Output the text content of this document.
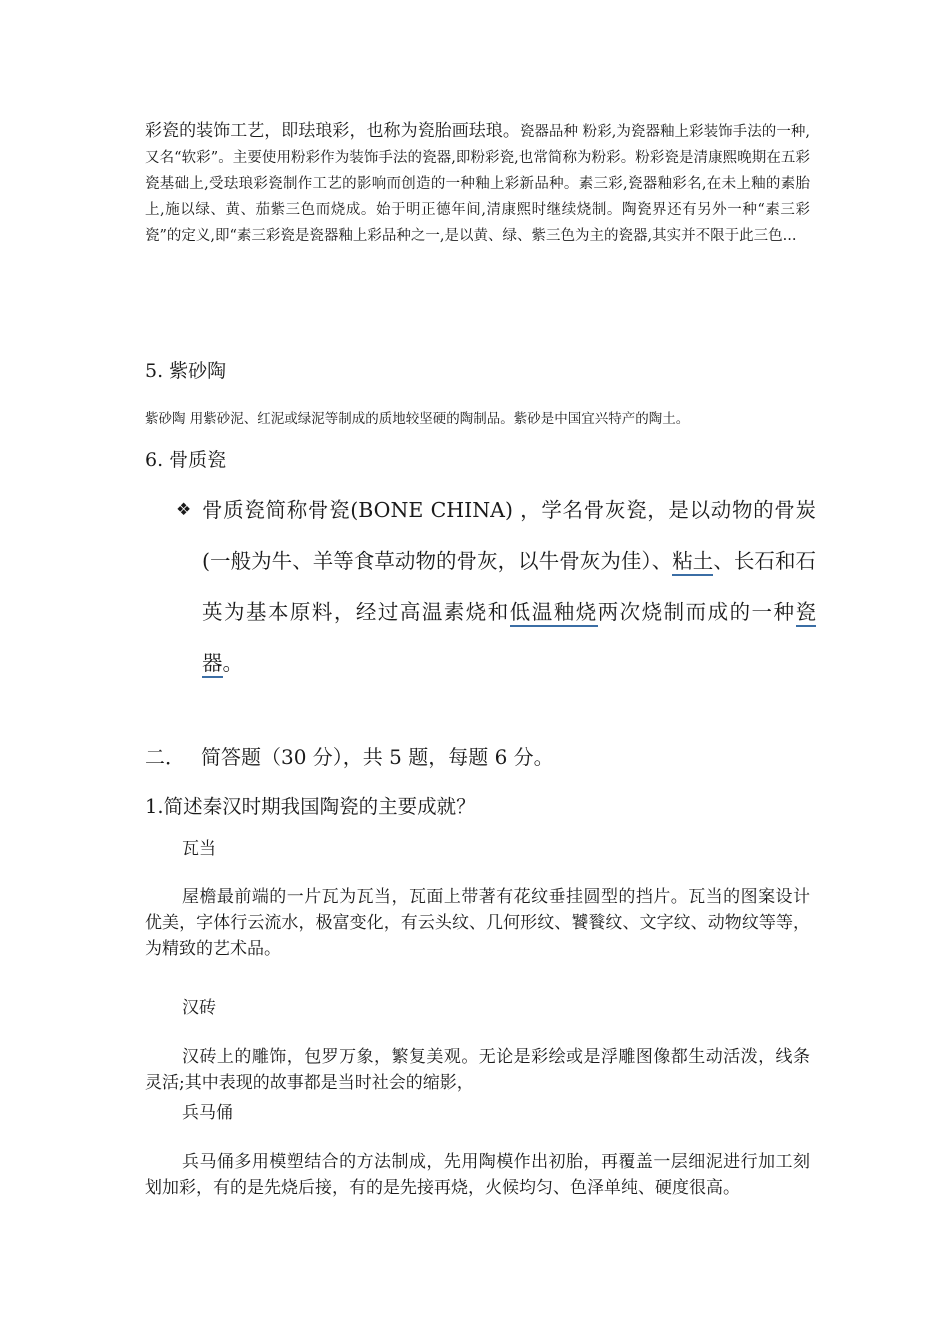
彩瓷的装饰工艺，即珐琅彩，也称为瓷胎画珐琅。瓷器品种 粉彩,为瓷器釉上彩装饰手法的一种,又名“软彩”。主要使用粉彩作为装饰手法的瓷器,即粉彩瓷,也常简称为粉彩。粉彩瓷是清康熙晚期在五彩瓷基础上,受珐琅彩瓷制作工艺的影响而创造的一种釉上彩新品种。素三彩,瓷器釉彩名,在未上釉的素胎上,施以绿、黄、茄紫三色而烧成。始于明正德年间,清康熙时继续烧制。陶瓷界还有另外一种“素三彩瓷”的定义,即“素三彩瓷是瓷器釉上彩品种之一,是以黄、绿、紫三色为主的瓷器,其实并不限于此三色...
5. 紫砂陶
紫砂陶 用紫砂泥、红泥或绿泥等制成的质地较坚硬的陶制品。紫砂是中国宜兴特产的陶土。
6. 骨质瓷
❖ 骨质瓷简称骨瓷(BONE CHINA) ，学名骨灰瓷，是以动物的骨炭(一般为牛、羊等食草动物的骨灰，以牛骨灰为佳）、粘土、长石和石英为基本原料，经过高温素烧和低温釉烧两次烧制而成的一种瓷器。
二． 简答题（30 分），共 5 题，每题 6 分。
1.简述秦汉时期我国陶瓷的主要成就？
瓦当
屋檐最前端的一片瓦为瓦当，瓦面上带著有花纹垂挂圆型的挡片。瓦当的图案设计优美，字体行云流水，极富变化，有云头纹、几何形纹、饕餮纹、文字纹、动物纹等等，为精致的艺术品。
汉砖
汉砖上的雕饰，包罗万象，繁复美观。无论是彩绘或是浮雕图像都生动活泼，线条灵活;其中表现的故事都是当时社会的缩影，
兵马俑
兵马俑多用模塑结合的方法制成，先用陶模作出初胎，再覆盖一层细泥进行加工刻划加彩，有的是先烧后接，有的是先接再烧，火候均匀、色泽单纯、硬度很高。
